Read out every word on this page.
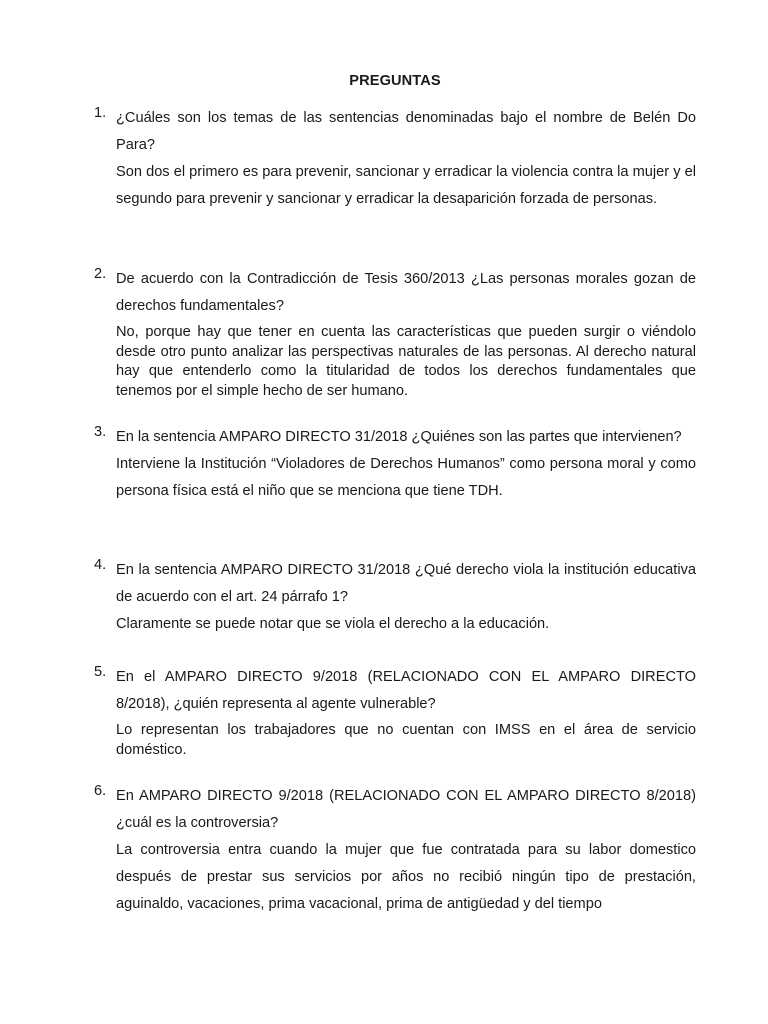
PREGUNTAS
1. ¿Cuáles son los temas de las sentencias denominadas bajo el nombre de Belén Do Para?
Son dos el primero es para prevenir, sancionar y erradicar la violencia contra la mujer y el segundo para prevenir y sancionar y erradicar la desaparición forzada de personas.
2. De acuerdo con la Contradicción de Tesis 360/2013 ¿Las personas morales gozan de derechos fundamentales?
No, porque hay que tener en cuenta las características que pueden surgir o viéndolo desde otro punto analizar las perspectivas naturales de las personas. Al derecho natural hay que entenderlo como la titularidad de todos los derechos fundamentales que tenemos por el simple hecho de ser humano.
3. En la sentencia AMPARO DIRECTO 31/2018 ¿Quiénes son las partes que intervienen?
Interviene la Institución “Violadores de Derechos Humanos” como persona moral y como persona física está el niño que se menciona que tiene TDH.
4. En la sentencia AMPARO DIRECTO 31/2018 ¿Qué derecho viola la institución educativa de acuerdo con el art. 24 párrafo 1?
Claramente se puede notar que se viola el derecho a la educación.
5. En el AMPARO DIRECTO 9/2018 (RELACIONADO CON EL AMPARO DIRECTO 8/2018), ¿quién representa al agente vulnerable?
Lo representan los trabajadores que no cuentan con IMSS en el área de servicio doméstico.
6. En AMPARO DIRECTO 9/2018 (RELACIONADO CON EL AMPARO DIRECTO 8/2018) ¿cuál es la controversia?
La controversia entra cuando la mujer que fue contratada para su labor domestico después de prestar sus servicios por años no recibió ningún tipo de prestación, aguinaldo, vacaciones, prima vacacional, prima de antigüedad y del tiempo
